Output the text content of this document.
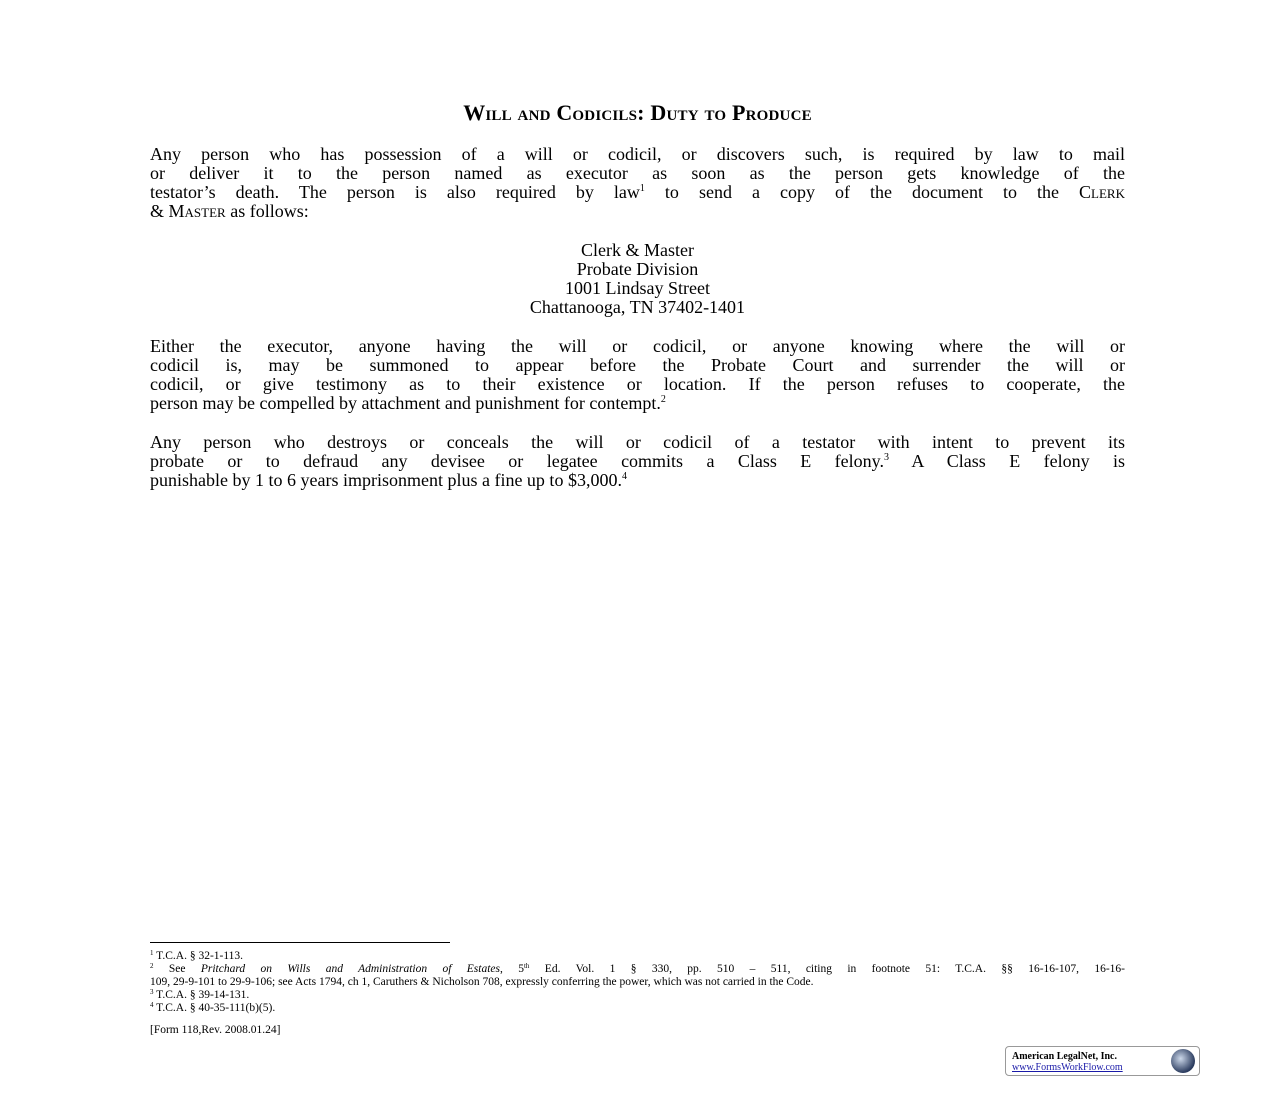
Will and Codicils: Duty to Produce
Any person who has possession of a will or codicil, or discovers such, is required by law to mail
or deliver it to the person named as executor as soon as the person gets knowledge of the
testator’s death. The person is also required by law$^1$ to send a copy of the document to the Clerk
& Master as follows:
Clerk & Master
Probate Division
1001 Lindsay Street
Chattanooga, TN 37402-1401
Either the executor, anyone having the will or codicil, or anyone knowing where the will or
codicil is, may be summoned to appear before the Probate Court and surrender the will or
codicil, or give testimony as to their existence or location. If the person refuses to cooperate, the
person may be compelled by attachment and punishment for contempt.$^2$
Any person who destroys or conceals the will or codicil of a testator with intent to prevent its
probate or to defraud any devisee or legatee commits a Class E felony.$^3$ A Class E felony is
punishable by 1 to 6 years imprisonment plus a fine up to $3,000.$^4$
$^1$ T.C.A. § 32-1-113.
$^2$ See Pritchard on Wills and Administration of Estates, 5th Ed. Vol. 1 § 330, pp. 510 – 511, citing in footnote 51: T.C.A. §§ 16-16-107, 16-16-
109, 29-9-101 to 29-9-106; see Acts 1794, ch 1, Caruthers & Nicholson 708, expressly conferring the power, which was not carried in the Code.
$^3$ T.C.A. § 39-14-131.
$^4$ T.C.A. § 40-35-111(b)(5).
[Form 118,Rev. 2008.01.24]
American LegalNet, Inc.
www.FormsWorkFlow.com
